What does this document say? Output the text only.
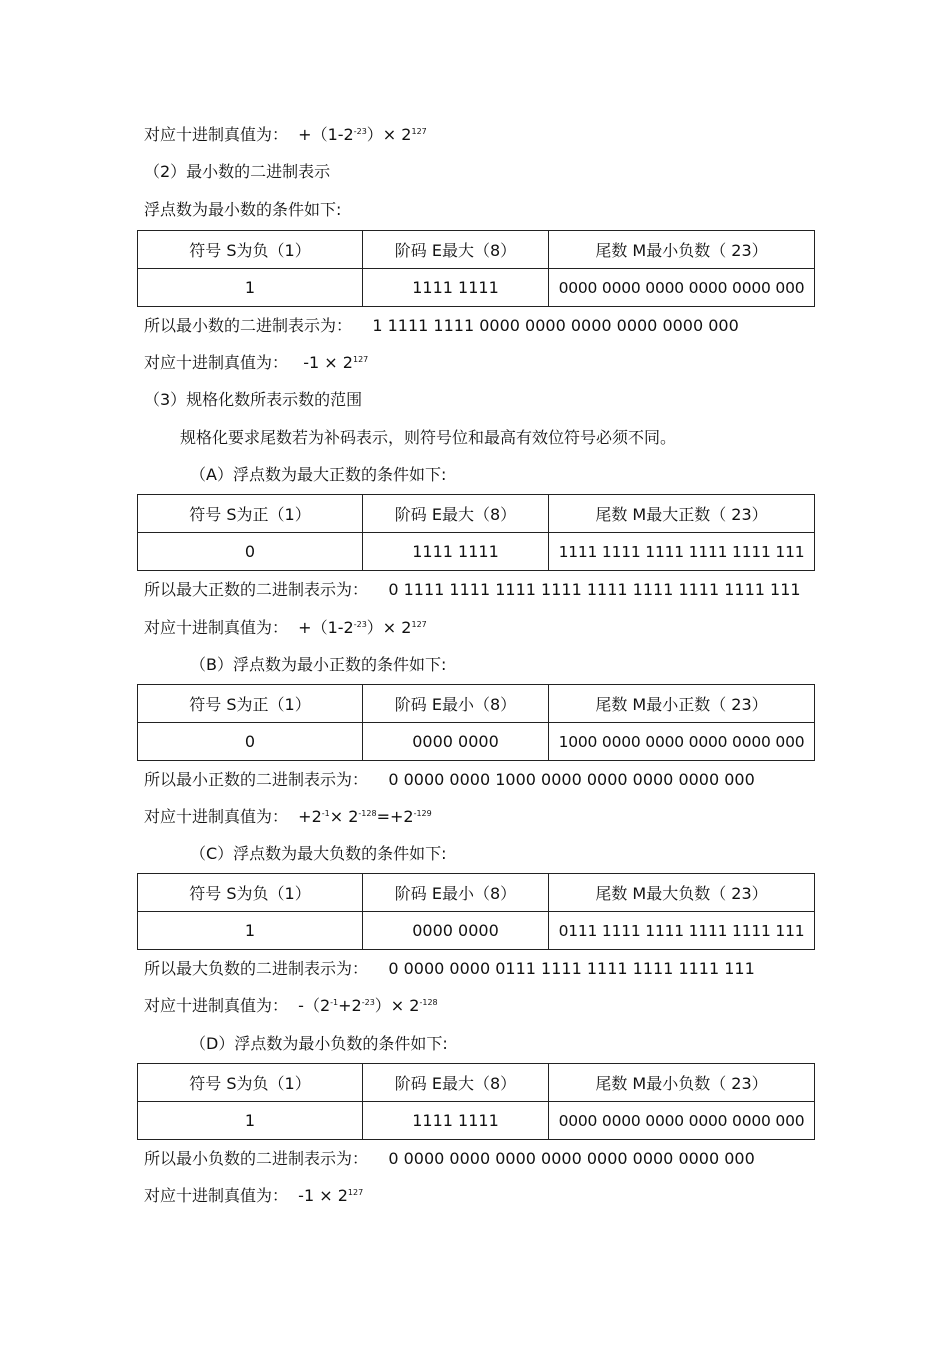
对应十进制真值为：  $+(1-2^{-23})\times 2^{127}$
（2）最小数的二进制表示
浮点数为最小数的条件如下:
符号 S为负（1）	阶码 E最大（8）	尾数 M最小负数（ 23）
1	1111 1111	0000 0000 0000 0000 0000 000
所以最小数的二进制表示为：    1 1111 1111 0000 0000 0000 0000 0000 000
对应十进制真值为：   $-1 \times 2^{127}$
（3）规格化数所表示数的范围
规格化要求尾数若为补码表示，则符号位和最高有效位符号必须不同。
（A）浮点数为最大正数的条件如下:
符号 S为正（1）	阶码 E最大（8）	尾数 M最大正数（ 23）
0	1111 1111	1111 1111 1111 1111 1111 111
所以最大正数的二进制表示为：    0 1111 1111 1111 1111 1111 1111 1111 1111 111
对应十进制真值为：  $+(1-2^{-23})\times 2^{127}$
（B）浮点数为最小正数的条件如下:
符号 S为正（1）	阶码 E最小（8）	尾数 M最小正数（ 23）
0	0000 0000	1000 0000 0000 0000 0000 000
所以最小正数的二进制表示为：    0 0000 0000 1000 0000 0000 0000 0000 000
对应十进制真值为：  $+2^{-1}\times 2^{-128}=+2^{-129}$
（C）浮点数为最大负数的条件如下:
符号 S为负（1）	阶码 E最小（8）	尾数 M最大负数（ 23）
1	0000 0000	0111 1111 1111 1111 1111 111
所以最大负数的二进制表示为：    0 0000 0000 0111 1111 1111 1111 1111 111
对应十进制真值为：  $-(2^{-1}+2^{-23})\times 2^{-128}$
（D）浮点数为最小负数的条件如下:
符号 S为负（1）	阶码 E最大（8）	尾数 M最小负数（ 23）
1	1111 1111	0000 0000 0000 0000 0000 000
所以最小负数的二进制表示为：    0 0000 0000 0000 0000 0000 0000 0000 000
对应十进制真值为：  $-1 \times 2^{127}$
